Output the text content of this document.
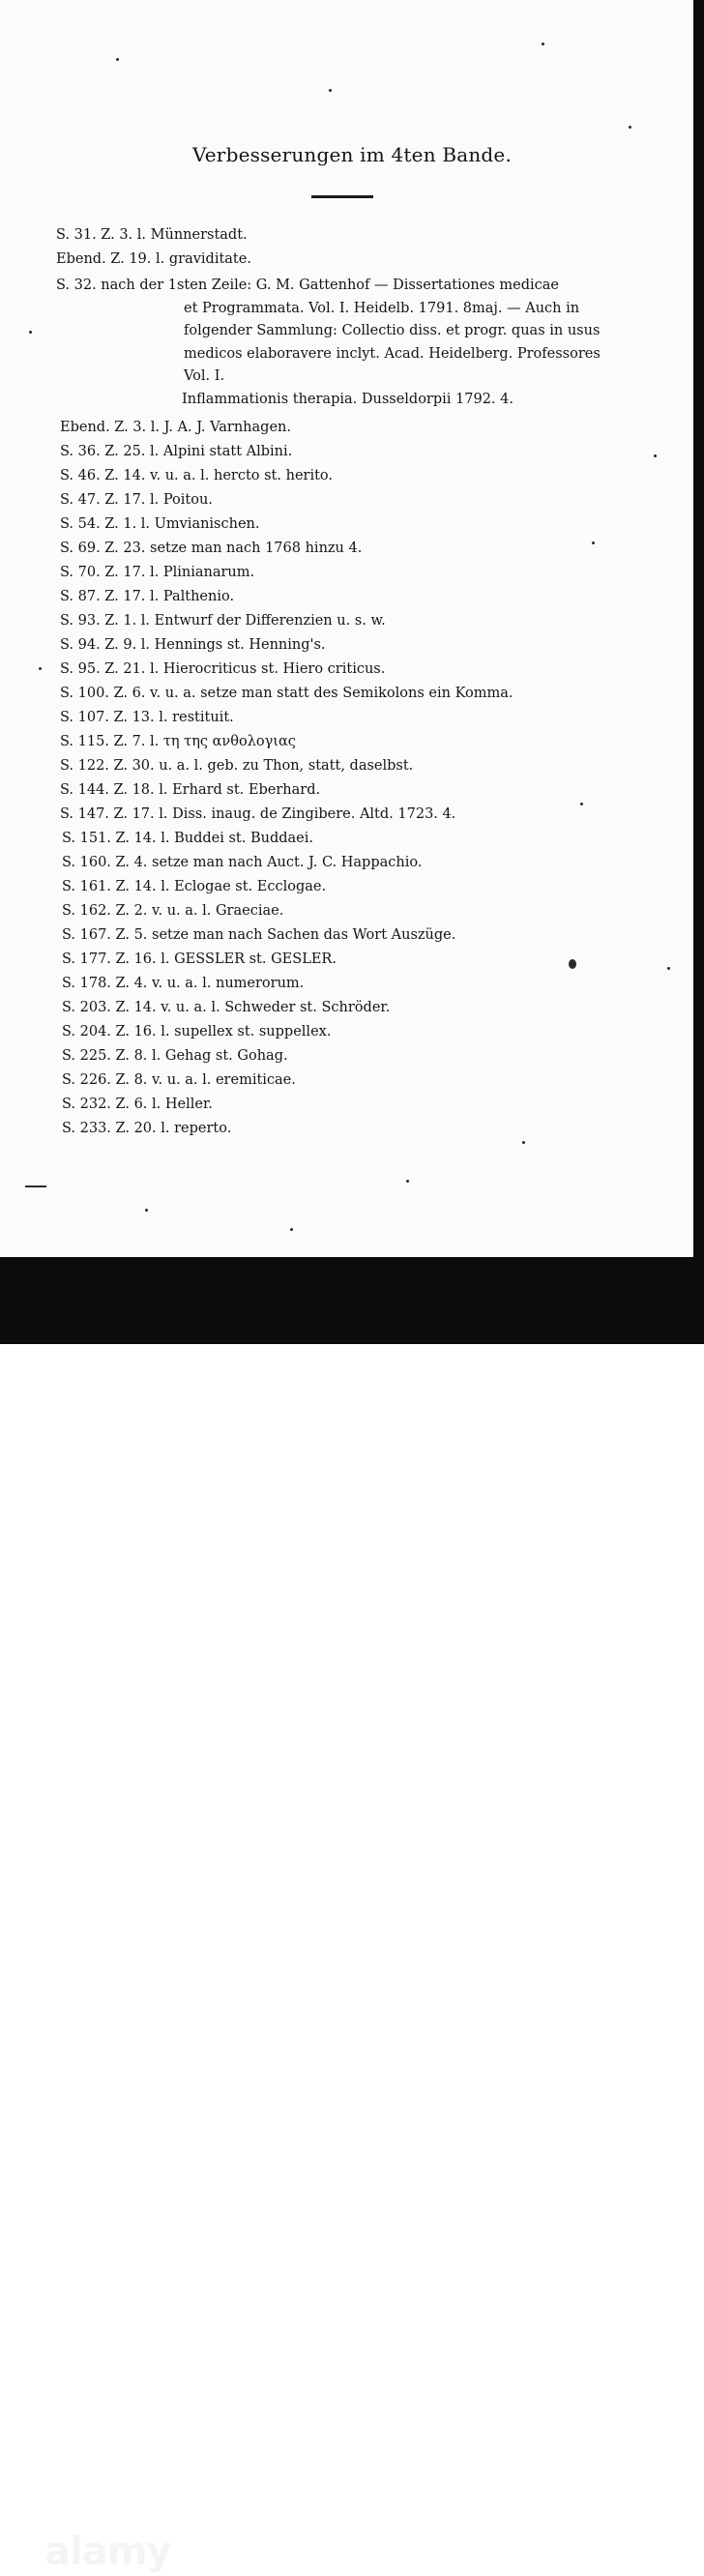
Verbesserungen im 4ten Bande.
S. 31. Z. 3. l. Münnerstadt.
Ebend. Z. 19. l. graviditate.
S. 32. nach der 1sten Zeile: G. M. Gattenhof — Dissertationes medicae
et Programmata. Vol. I. Heidelb. 1791. 8maj. — Auch in
folgender Sammlung: Collectio diss. et progr. quas in usus
medicos elaboravere inclyt. Acad. Heidelberg. Professores
Vol. I.
Inflammationis therapia. Dusseldorpii 1792. 4.
Ebend. Z. 3. l. J. A. J. Varnhagen.
S. 36. Z. 25. l. Alpini statt Albini.
S. 46. Z. 14. v. u. a. l. hercto st. herito.
S. 47. Z. 17. l. Poitou.
S. 54. Z. 1. l. Umvianischen.
S. 69. Z. 23. setze man nach 1768 hinzu 4.
S. 70. Z. 17. l. Plinianarum.
S. 87. Z. 17. l. Palthenio.
S. 93. Z. 1. l. Entwurf der Differenzien u. s. w.
S. 94. Z. 9. l. Hennings st. Henning's.
S. 95. Z. 21. l. Hierocriticus st. Hiero criticus.
S. 100. Z. 6. v. u. a. setze man statt des Semikolons ein Komma.
S. 107. Z. 13. l. restituit.
S. 115. Z. 7. l. τη της ανθολογιας
S. 122. Z. 30. u. a. l. geb. zu Thon, statt, daselbst.
S. 144. Z. 18. l. Erhard st. Eberhard.
S. 147. Z. 17. l. Diss. inaug. de Zingibere. Altd. 1723. 4.
S. 151. Z. 14. l. Buddei st. Buddaei.
S. 160. Z. 4. setze man nach Auct. J. C. Happachio.
S. 161. Z. 14. l. Eclogae st. Ecclogae.
S. 162. Z. 2. v. u. a. l. Graeciae.
S. 167. Z. 5. setze man nach Sachen das Wort Auszüge.
S. 177. Z. 16. l. GESSLER st. GESLER.
S. 178. Z. 4. v. u. a. l. numerorum.
S. 203. Z. 14. v. u. a. l. Schweder st. Schröder.
S. 204. Z. 16. l. supellex st. suppellex.
S. 225. Z. 8. l. Gehag st. Gohag.
S. 226. Z. 8. v. u. a. l. eremiticae.
S. 232. Z. 6. l. Heller.
S. 233. Z. 20. l. reperto.
alamy	W7A7AB
www.alamy.com
